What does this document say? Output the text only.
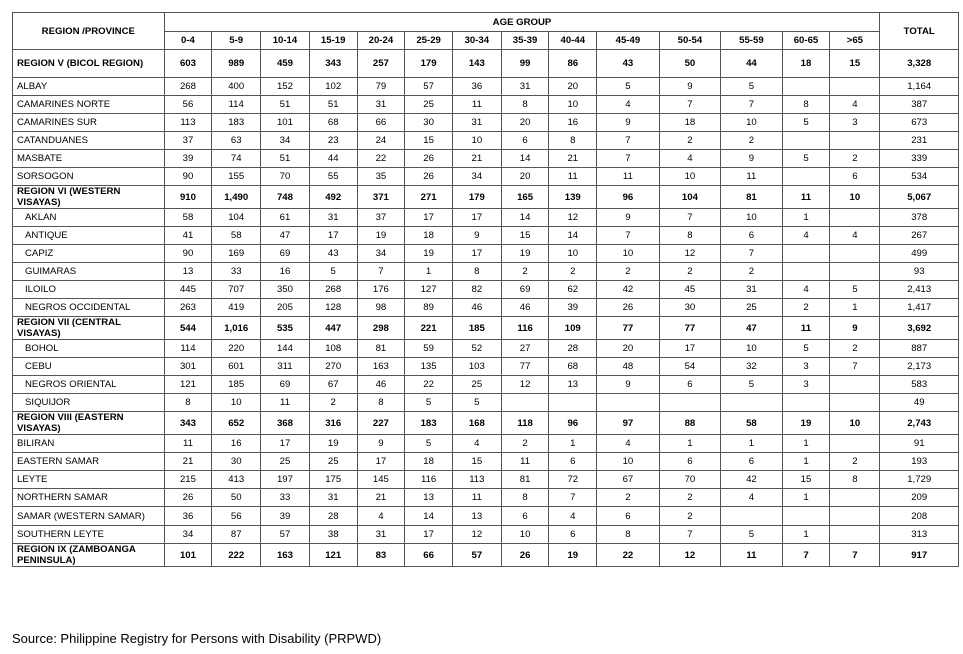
REGION /PROVINCE	AGE GROUP														TOTAL
	0-4	5-9	10-14	15-19	20-24	25-29	30-34	35-39	40-44	45-49	50-54	55-59	60-65	>65	
REGION V (BICOL REGION)	603	989	459	343	257	179	143	99	86	43	50	44	18	15	3,328
ALBAY	268	400	152	102	79	57	36	31	20	5	9	5			1,164
CAMARINES NORTE	56	114	51	51	31	25	11	8	10	4	7	7	8	4	387
CAMARINES SUR	113	183	101	68	66	30	31	20	16	9	18	10	5	3	673
CATANDUANES	37	63	34	23	24	15	10	6	8	7	2	2			231
MASBATE	39	74	51	44	22	26	21	14	21	7	4	9	5	2	339
SORSOGON	90	155	70	55	35	26	34	20	11	11	10	11		6	534
REGION VI (WESTERN VISAYAS)	910	1,490	748	492	371	271	179	165	139	96	104	81	11	10	5,067
AKLAN	58	104	61	31	37	17	17	14	12	9	7	10	1		378
ANTIQUE	41	58	47	17	19	18	9	15	14	7	8	6	4	4	267
CAPIZ	90	169	69	43	34	19	17	19	10	10	12	7			499
GUIMARAS	13	33	16	5	7	1	8	2	2	2	2	2			93
ILOILO	445	707	350	268	176	127	82	69	62	42	45	31	4	5	2,413
NEGROS OCCIDENTAL	263	419	205	128	98	89	46	46	39	26	30	25	2	1	1,417
REGION VII (CENTRAL VISAYAS)	544	1,016	535	447	298	221	185	116	109	77	77	47	11	9	3,692
BOHOL	114	220	144	108	81	59	52	27	28	20	17	10	5	2	887
CEBU	301	601	311	270	163	135	103	77	68	48	54	32	3	7	2,173
NEGROS ORIENTAL	121	185	69	67	46	22	25	12	13	9	6	5	3		583
SIQUIJOR	8	10	11	2	8	5	5								49
REGION VIII (EASTERN VISAYAS)	343	652	368	316	227	183	168	118	96	97	88	58	19	10	2,743
BILIRAN	11	16	17	19	9	5	4	2	1	4	1	1	1		91
EASTERN SAMAR	21	30	25	25	17	18	15	11	6	10	6	6	1	2	193
LEYTE	215	413	197	175	145	116	113	81	72	67	70	42	15	8	1,729
NORTHERN SAMAR	26	50	33	31	21	13	11	8	7	2	2	4	1		209
SAMAR (WESTERN SAMAR)	36	56	39	28	4	14	13	6	4	6	2				208
SOUTHERN LEYTE	34	87	57	38	31	17	12	10	6	8	7	5	1		313
REGION IX (ZAMBOANGA PENINSULA)	101	222	163	121	83	66	57	26	19	22	12	11	7	7	917
Source: Philippine Registry for Persons with Disability (PRPWD)
